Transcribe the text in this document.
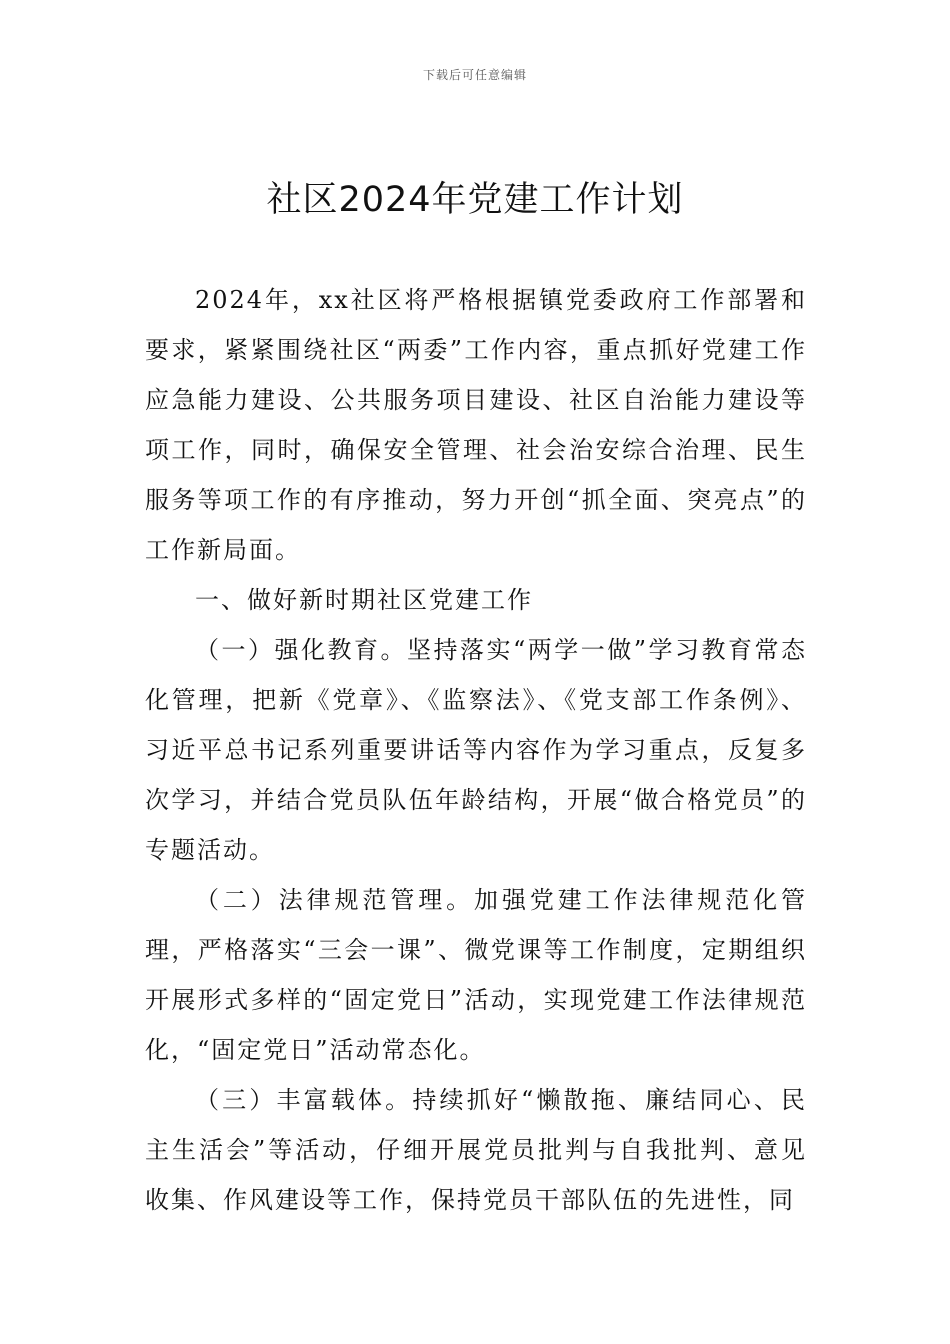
下载后可任意编辑
社区2024年党建工作计划

2024年，xx社区将严格根据镇党委政府工作部署和要求，紧紧围绕社区“两委”工作内容，重点抓好党建工作应急能力建设、公共服务项目建设、社区自治能力建设等项工作，同时，确保安全管理、社会治安综合治理、民生服务等项工作的有序推动，努力开创“抓全面、突亮点”的工作新局面。

一、做好新时期社区党建工作

（一）强化教育。坚持落实“两学一做”学习教育常态化管理，把新《党章》、《监察法》、《党支部工作条例》、习近平总书记系列重要讲话等内容作为学习重点，反复多次学习，并结合党员队伍年龄结构，开展“做合格党员”的专题活动。

（二）法律规范管理。加强党建工作法律规范化管理，严格落实“三会一课”、微党课等工作制度，定期组织开展形式多样的“固定党日”活动，实现党建工作法律规范化，“固定党日”活动常态化。

（三）丰富载体。持续抓好“懒散拖、廉结同心、民主生活会”等活动，仔细开展党员批判与自我批判、意见收集、作风建设等工作，保持党员干部队伍的先进性，同
